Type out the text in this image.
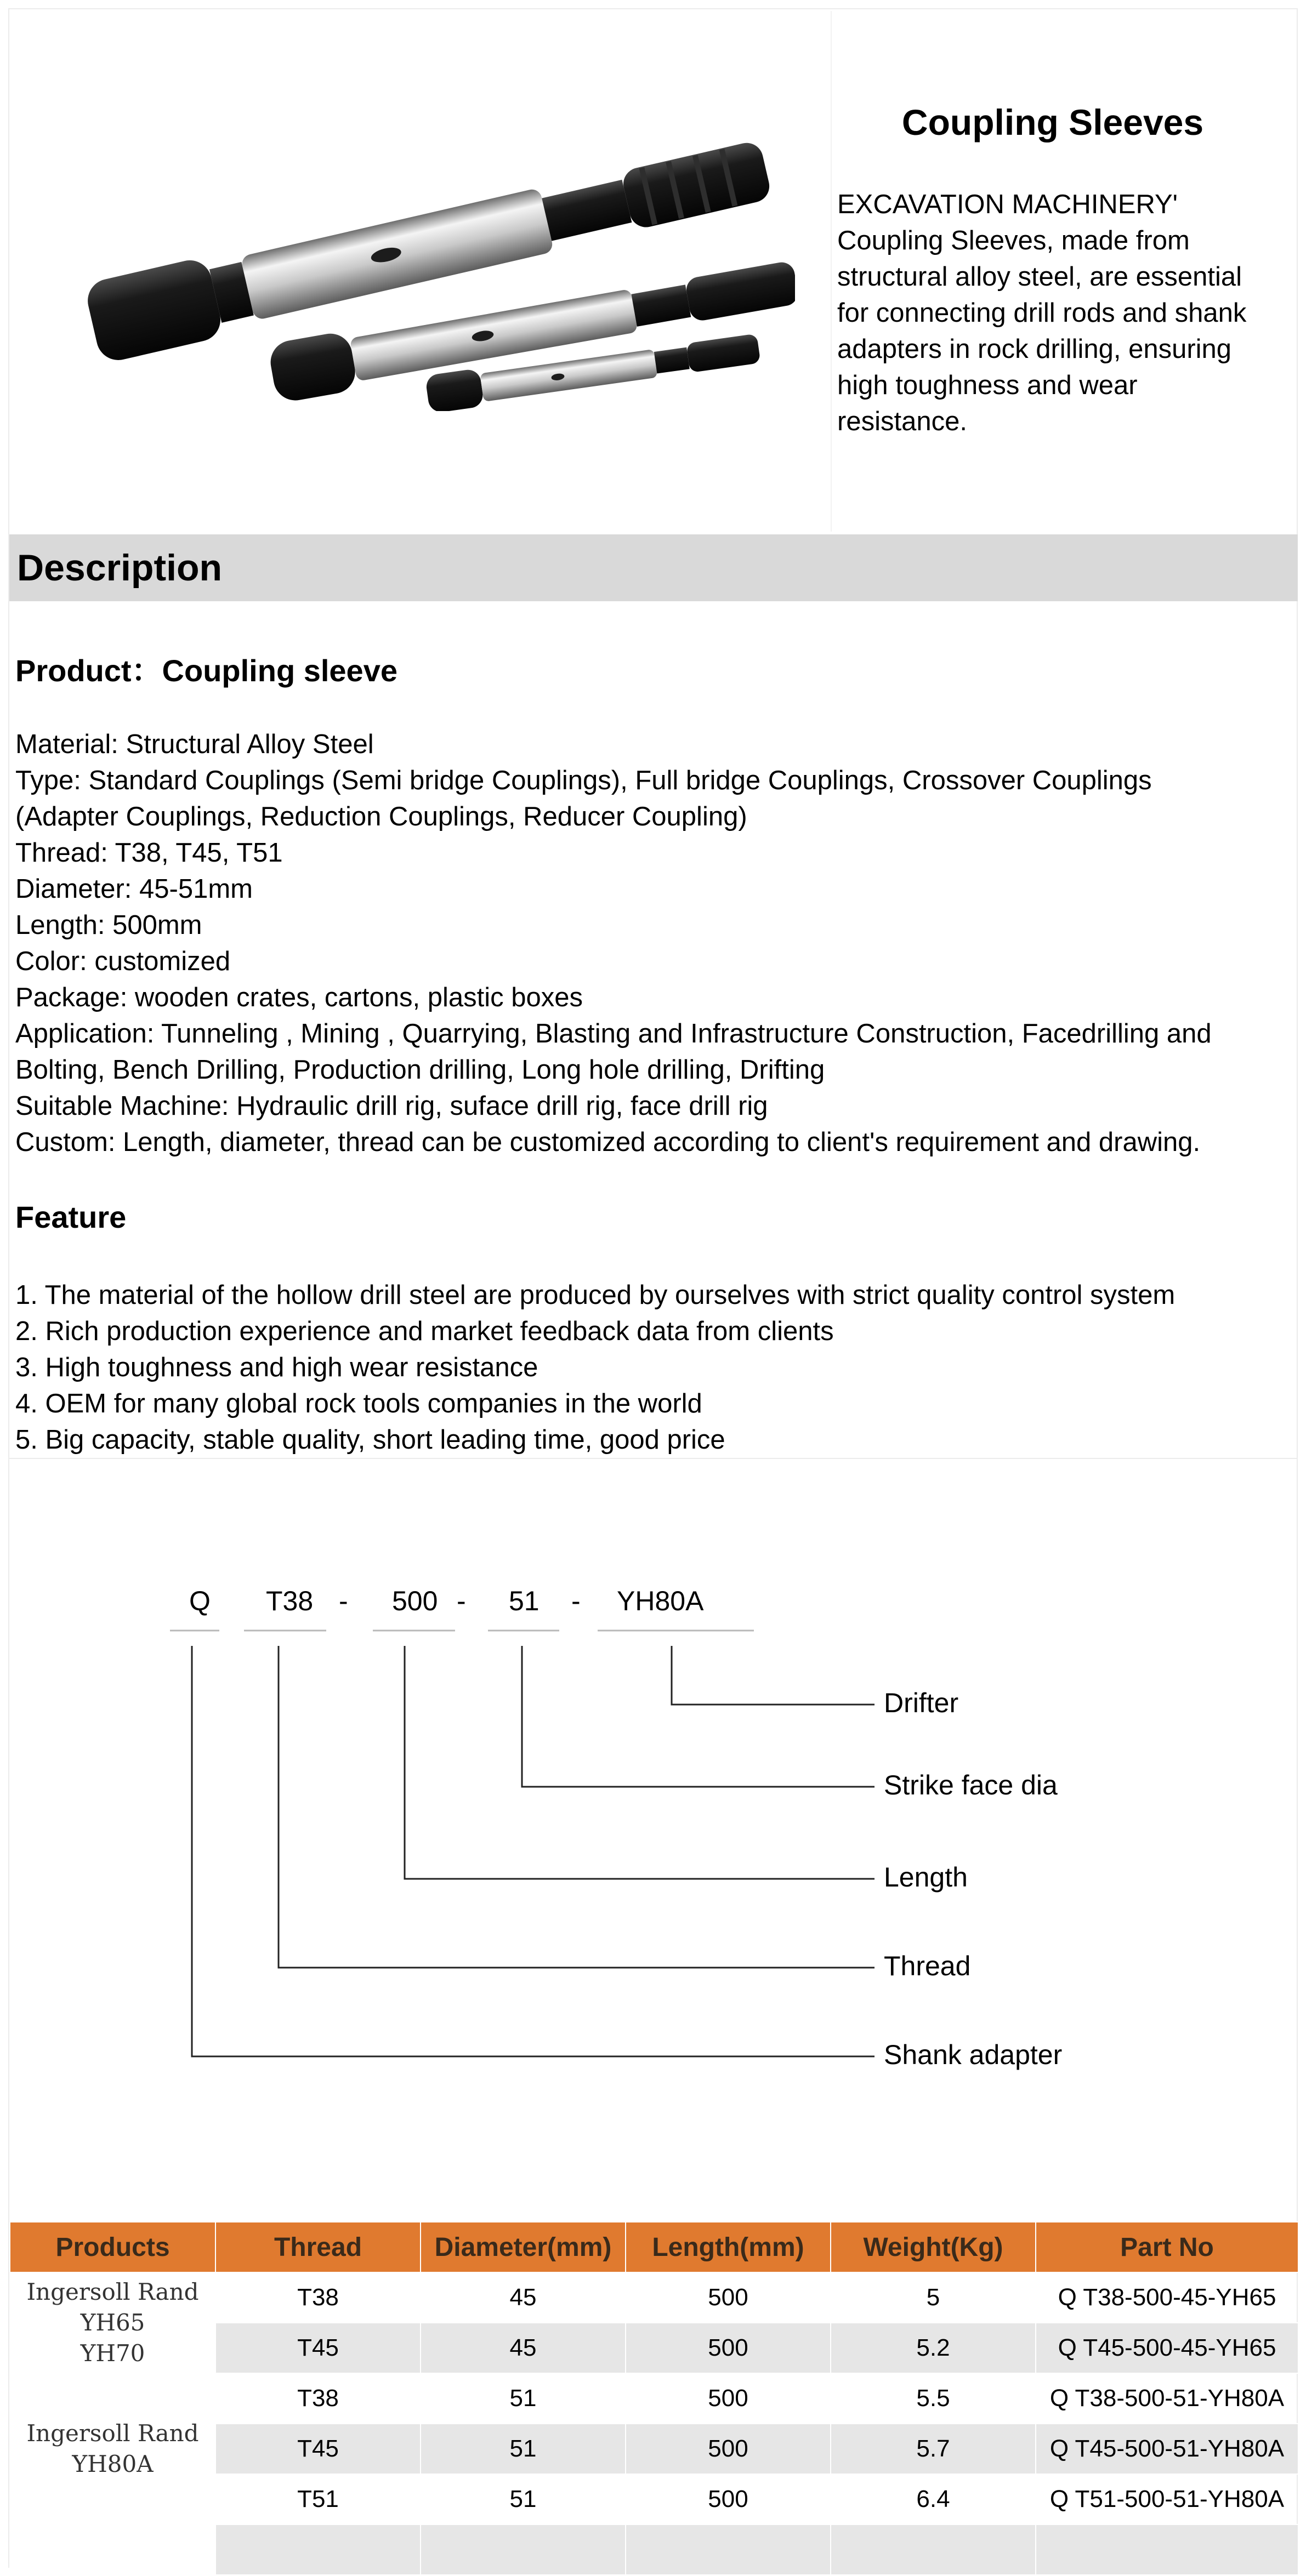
Coupling Sleeves
EXCAVATION MACHINERY'
Coupling Sleeves, made from
structural alloy steel, are essential
for connecting drill rods and shank
adapters in rock drilling, ensuring
high toughness and wear
resistance.
Description
Product：Coupling sleeve
Material: Structural Alloy Steel
Type: Standard Couplings (Semi bridge Couplings), Full bridge Couplings, Crossover Couplings
(Adapter Couplings, Reduction Couplings, Reducer Coupling)
Thread: T38, T45, T51
Diameter: 45-51mm
Length: 500mm
Color: customized
Package: wooden crates, cartons, plastic boxes
Application: Tunneling , Mining , Quarrying, Blasting and Infrastructure Construction, Facedrilling and
Bolting, Bench Drilling, Production drilling, Long hole drilling, Drifting
Suitable Machine: Hydraulic drill rig, suface drill rig, face drill rig
Custom: Length, diameter, thread can be customized according to client's requirement and drawing.
Feature
1. The material of the hollow drill steel are produced by ourselves with strict quality control system
2. Rich production experience and market feedback data from clients
3. High toughness and high wear resistance
4. OEM for many global rock tools companies in the world
5. Big capacity, stable quality, short leading time, good price
Q T38 - 500 - 51 - YH80A
Drifter
Strike face dia
Length
Thread
Shank adapter
Products	Thread	Diameter(mm)	Length(mm)	Weight(Kg)	Part No

Ingersoll Rand
YH65
YH70	T38	45	500	5	Q T38-500-45-YH65
	T45	45	500	5.2	Q T45-500-45-YH65

Ingersoll Rand
YH80A	T38	51	500	5.5	Q T38-500-51-YH80A
	T45	51	500	5.7	Q T45-500-51-YH80A
	T51	51	500	6.4	Q T51-500-51-YH80A
